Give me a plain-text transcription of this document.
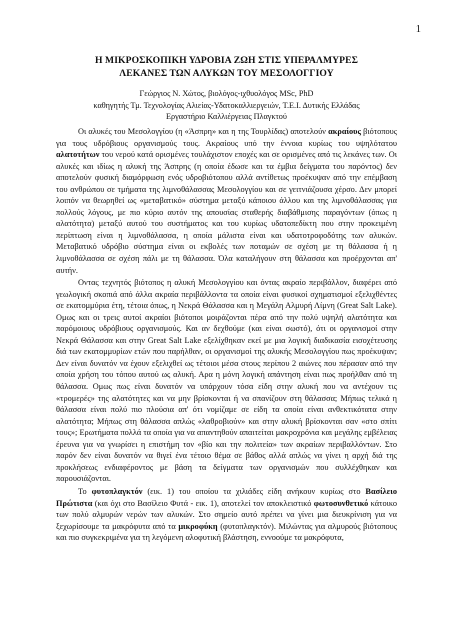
1
Η ΜΙΚΡΟΣΚΟΠΙΚΗ ΥΔΡΟΒΙΑ ΖΩΗ ΣΤΙΣ ΥΠΕΡΑΛΜΥΡΕΣ
ΛΕΚΑΝΕΣ ΤΩΝ ΑΛΥΚΩΝ ΤΟΥ ΜΕΣΟΛΟΓΓΙΟΥ
Γεώργιος Ν. Χώτος, βιολόγος-ιχθυολόγος MSc, PhD
καθηγητής Τμ. Τεχνολογίας Αλιείας-Υδατοκαλλιεργειών, Τ.Ε.Ι. Δυτικής Ελλάδας
Εργαστήριο Καλλιέργειας Πλαγκτού

Οι αλυκές του Μεσολογγίου (η «Άσπρη» και η της Τουρλίδας) αποτελούν ακραίους βιότοπους για τους υδρόβιους οργανισμούς τους. Ακραίους υπό την έννοια κυρίως του υψηλότατου αλατοτήτων του νερού κατά ορισμένες τουλάχιστον εποχές και σε ορισμένες από τις λεκάνες των. Οι αλυκές και ιδίως η αλυκή της Άσπρης (η οποία έδωσε και τα έμβια δείγματα του παρόντος) δεν αποτελούν φυσική διαμόρφωση ενός υδροβιότοπου αλλά αντίθετως προέκυψαν από την επέμβαση του ανθρώπου σε τμήματα της λιμνοθάλασσας Μεσολογγίου και σε γειτνιάζουσα χέρσο. Δεν μπορεί λοιπόν να θεωρηθεί ως «μεταβατικό» σύστημα μεταξύ κάποιου άλλου και της λιμνοθάλασσας για πολλούς λόγους, με πιο κύριο αυτόν της απουσίας σταθερής διαβάθμισης παραγόντων (όπως η αλατότητα) μεταξύ αυτού του συστήματος και του κυρίως υδατοπεδίκτη που στην προκειμένη περίπτωση είναι η λιμνοθάλασσα, η οποία μάλιστα είναι και υδατοτροφοδότης των αλυκών. Μεταβατικό υδρόβιο σύστημα είναι οι εκβολές των ποταμών σε σχέση με τη θάλασσα ή η λιμνοθάλασσα σε σχέση πάλι με τη θάλασσα. Όλα καταλήγουν στη θάλασσα και προέρχονται απ' αυτήν.

Οντας τεχνητός βιότοπος η αλυκή Μεσολογγίου και όντας ακραίο περιβάλλον, διαφέρει από γεωλογική σκοπιά από άλλα ακραία περιβάλλοντα τα οποία είναι φυσικοί σχηματισμοί εξελιχθέντες σε εκατομμύρια έτη, τέτοια όπως, η Νεκρά Θάλασσα και η Μεγάλη Αλμυρή Λίμνη (Great Salt Lake). Ομως και οι τρεις αυτοί ακραίοι βιότοποι μοιράζονται πέρα από την πολύ υψηλή αλατότητα και παρόμοιους υδρόβιους οργανισμούς. Και αν δεχθούμε (και είναι σωστό), ότι οι οργανισμοί στην Νεκρά Θάλασσα και στην Great Salt Lake εξελίχθηκαν εκεί με μια λογική διαδικασία εισοχέτευσης διά των εκατομμυρίων ετών που παρήλθαν, οι οργανισμοί της αλυκής Μεσολογγίου πως προέκυψαν; Δεν είναι δυνατόν να έχουν εξελιχθεί ως τέτοιοι μέσα στους περίπου 2 αιώνες που πέρασαν από την οποία χρήση του τόπου αυτού ως αλυκή. Αρα η μόνη λογική απάντηση είναι πως προήλθαν από τη θάλασσα. Ομως πως είναι δυνατόν να υπάρχουν τόσα είδη στην αλυκή που να αντέχουν τις «τρομερές» της αλατότητες και να μην βρίσκονται ή να σπανίζουν στη θάλασσα; Μήπως τελικά η θάλασσα είναι πολύ πιο πλούσια απ' ότι νομίζαμε σε είδη τα οποία είναι ανθεκτικότατα στην αλατότητα; Μήπως στη θάλασσα απλώς «λαθροβιούν» και στην αλυκή βρίσκονται σαν «στο σπίτι τους»; Ερωτήματα πολλά τα οποία για να απαντηθούν απαιτείται μακροχρόνια και μεγάλης εμβέλειας έρευνα για να γνωρίσει η επιστήμη τον «βίο και την πολιτεία» των ακραίων περιβαλλόντων. Στο παρόν δεν είναι δυνατόν να θιγεί ένα τέτοιο θέμα σε βάθος αλλά απλώς να γίνει η αρχή διά της προκλήσεως ενδιαφέροντος με βάση τα δείγματα των οργανισμών που συλλέχθηκαν και παρουσιάζονται.

Το φυτοπλαγκτόν (εικ. 1) του οποίου τα χιλιάδες είδη ανήκουν κυρίως στο Βασίλειο Πρώτιστα (και όχι στο Βασίλειο Φυτά - εικ. 1), αποτελεί τον αποκλειστικό φωτοσυνθετικό κάτοικο των πολύ αλμυρών νερών των αλυκών. Στο σημείο αυτό πρέπει να γίνει μια διευκρίνιση για να ξεχωρίσουμε τα μακρόφυτα από τα μικροφύκη (φυτοπλαγκτόν). Μιλώντας για αλμυρούς βιότοπους και πιο συγκεκριμένα για τη λεγόμενη αλοφυτική βλάστηση, εννοούμε τα μακρόφυτα,
